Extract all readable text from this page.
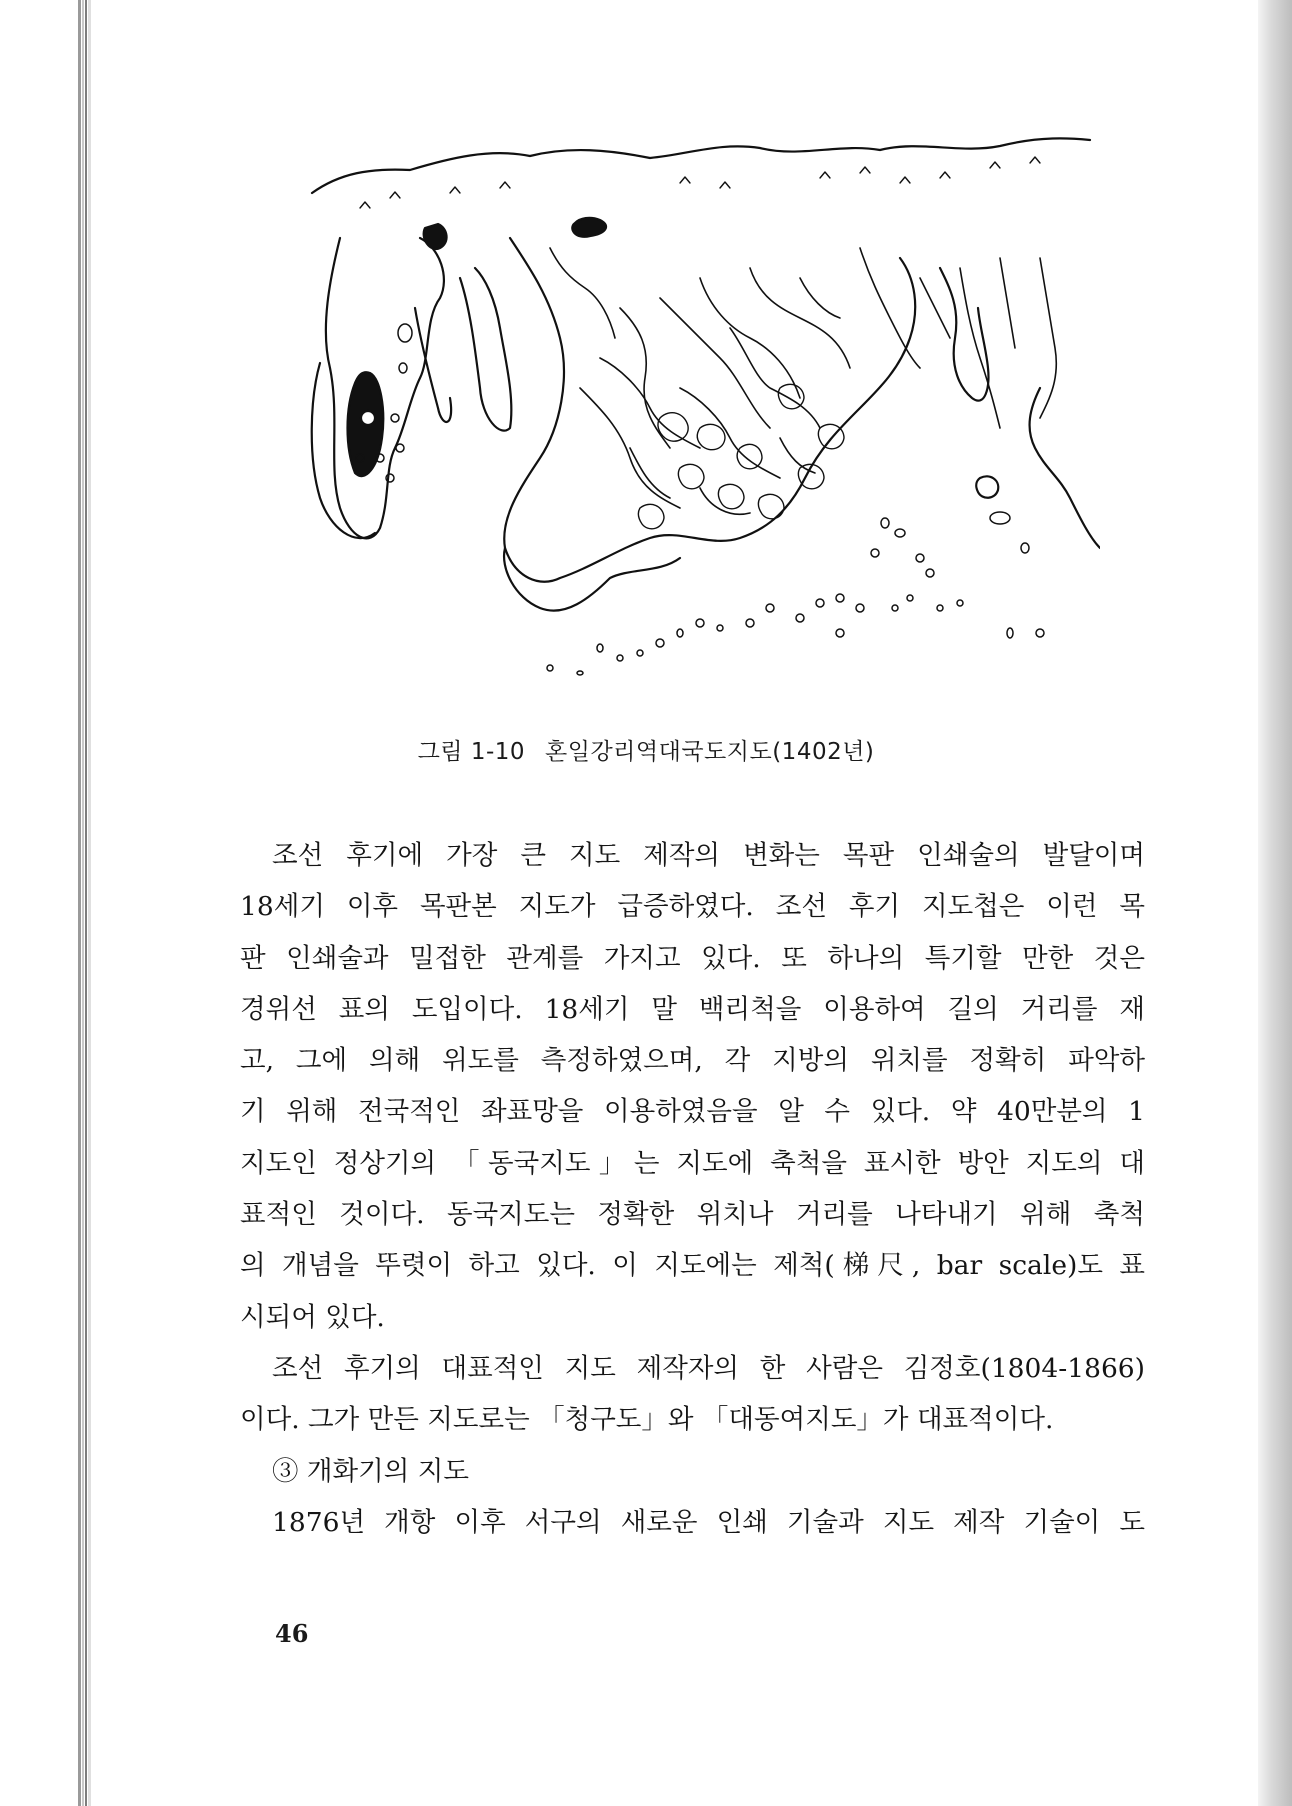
그림 1-10 혼일강리역대국도지도(1402년)
조선 후기에 가장 큰 지도 제작의 변화는 목판 인쇄술의 발달이며
18세기 이후 목판본 지도가 급증하였다. 조선 후기 지도첩은 이런 목
판 인쇄술과 밀접한 관계를 가지고 있다. 또 하나의 특기할 만한 것은
경위선 표의 도입이다. 18세기 말 백리척을 이용하여 길의 거리를 재
고, 그에 의해 위도를 측정하였으며, 각 지방의 위치를 정확히 파악하
기 위해 전국적인 좌표망을 이용하였음을 알 수 있다. 약 40만분의 1
지도인 정상기의 「동국지도」는 지도에 축척을 표시한 방안 지도의 대
표적인 것이다. 동국지도는 정확한 위치나 거리를 나타내기 위해 축척
의 개념을 뚜렷이 하고 있다. 이 지도에는 제척(梯尺, bar scale)도 표
시되어 있다.
조선 후기의 대표적인 지도 제작자의 한 사람은 김정호(1804-1866)
이다. 그가 만든 지도로는 「청구도」와 「대동여지도」가 대표적이다.
③ 개화기의 지도
1876년 개항 이후 서구의 새로운 인쇄 기술과 지도 제작 기술이 도
46
